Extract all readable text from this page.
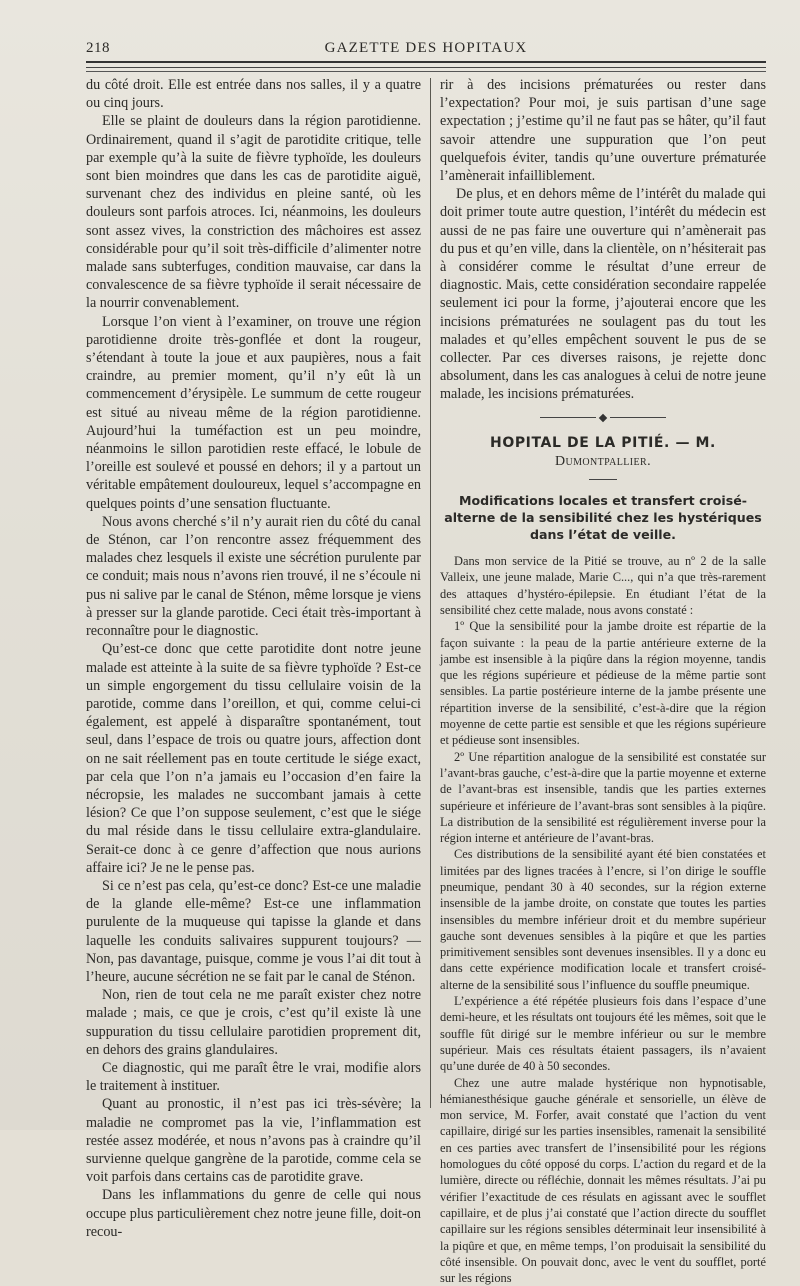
218	GAZETTE DES HOPITAUX

du côté droit. Elle est entrée dans nos salles, il y a quatre ou cinq jours.

Elle se plaint de douleurs dans la région parotidienne. Ordinairement, quand il s’agit de parotidite critique, telle par exemple qu’à la suite de fièvre typhoïde, les douleurs sont bien moindres que dans les cas de parotidite aiguë, survenant chez des individus en pleine santé, où les douleurs sont parfois atroces. Ici, néanmoins, les douleurs sont assez vives, la constriction des mâchoires est assez considérable pour qu’il soit très-difficile d’alimenter notre malade sans subterfuges, condition mauvaise, car dans la convalescence de sa fièvre typhoïde il serait nécessaire de la nourrir convenablement.

Lorsque l’on vient à l’examiner, on trouve une région parotidienne droite très-gonflée et dont la rougeur, s’étendant à toute la joue et aux paupières, nous a fait craindre, au premier moment, qu’il n’y eût là un commencement d’érysipèle. Le summum de cette rougeur est situé au niveau même de la région parotidienne. Aujourd’hui la tuméfaction est un peu moindre, néanmoins le sillon parotidien reste effacé, le lobule de l’oreille est soulevé et poussé en dehors; il y a partout un véritable empâtement douloureux, lequel s’accompagne en quelques points d’une sensation fluctuante.

Nous avons cherché s’il n’y aurait rien du côté du canal de Sténon, car l’on rencontre assez fréquemment des malades chez lesquels il existe une sécrétion purulente par ce conduit; mais nous n’avons rien trouvé, il ne s’écoule ni pus ni salive par le canal de Sténon, même lorsque je viens à presser sur la glande parotide. Ceci était très-important à reconnaître pour le diagnostic.

Qu’est-ce donc que cette parotidite dont notre jeune malade est atteinte à la suite de sa fièvre typhoïde ? Est-ce un simple engorgement du tissu cellulaire voisin de la parotide, comme dans l’oreillon, et qui, comme celui-ci également, est appelé à disparaître spontanément, tout seul, dans l’espace de trois ou quatre jours, affection dont on ne sait réellement pas en toute certitude le siége exact, par cela que l’on n’a jamais eu l’occasion d’en faire la nécropsie, les malades ne succombant jamais à cette lésion? Ce que l’on suppose seulement, c’est que le siége du mal réside dans le tissu cellulaire extra-glandulaire. Serait-ce donc à ce genre d’affection que nous aurions affaire ici? Je ne le pense pas.

Si ce n’est pas cela, qu’est-ce donc? Est-ce une maladie de la glande elle-même? Est-ce une inflammation purulente de la muqueuse qui tapisse la glande et dans laquelle les conduits salivaires suppurent toujours? — Non, pas davantage, puisque, comme je vous l’ai dit tout à l’heure, aucune sécrétion ne se fait par le canal de Sténon.

Non, rien de tout cela ne me paraît exister chez notre malade ; mais, ce que je crois, c’est qu’il existe là une suppuration du tissu cellulaire parotidien proprement dit, en dehors des grains glandulaires.

Ce diagnostic, qui me paraît être le vrai, modifie alors le traitement à instituer.

Quant au pronostic, il n’est pas ici très-sévère; la maladie ne compromet pas la vie, l’inflammation est restée assez modérée, et nous n’avons pas à craindre qu’il survienne quelque gangrène de la parotide, comme cela se voit parfois dans certains cas de parotidite grave.

Dans les inflammations du genre de celle qui nous occupe plus particulièrement chez notre jeune fille, doit-on recou-

rir à des incisions prématurées ou rester dans l’expectation? Pour moi, je suis partisan d’une sage expectation ; j’estime qu’il ne faut pas se hâter, qu’il faut savoir attendre une suppuration que l’on peut quelquefois éviter, tandis qu’une ouverture prématurée l’amènerait infailliblement.

De plus, et en dehors même de l’intérêt du malade qui doit primer toute autre question, l’intérêt du médecin est aussi de ne pas faire une ouverture qui n’amènerait pas du pus et qu’en ville, dans la clientèle, on n’hésiterait pas à considérer comme le résultat d’une erreur de diagnostic. Mais, cette considération secondaire rappelée seulement ici pour la forme, j’ajouterai encore que les incisions prématurées ne soulagent pas du tout les malades et qu’elles empêchent souvent le pus de se collecter. Par ces diverses raisons, je rejette donc absolument, dans les cas analogues à celui de notre jeune malade, les incisions prématurées.

HOPITAL DE LA PITIÉ. — M. Dumontpallier.
Modifications locales et transfert croisé-alterne de la sensibilité chez les hystériques dans l’état de veille.

Dans mon service de la Pitié se trouve, au nº 2 de la salle Valleix, une jeune malade, Marie C..., qui n’a que très-rarement des attaques d’hystéro-épilepsie. En étudiant l’état de la sensibilité chez cette malade, nous avons constaté :

1º Que la sensibilité pour la jambe droite est répartie de la façon suivante : la peau de la partie antérieure externe de la jambe est insensible à la piqûre dans la région moyenne, tandis que les régions supérieure et pédieuse de la même partie sont sensibles. La partie postérieure interne de la jambe présente une répartition inverse de la sensibilité, c’est-à-dire que la région moyenne de cette partie est sensible et que les régions supérieure et pédieuse sont insensibles.

2º Une répartition analogue de la sensibilité est constatée sur l’avant-bras gauche, c’est-à-dire que la partie moyenne et externe de l’avant-bras est insensible, tandis que les parties externes supérieure et inférieure de l’avant-bras sont sensibles à la piqûre. La distribution de la sensibilité est régulièrement inverse pour la région interne et antérieure de l’avant-bras.

Ces distributions de la sensibilité ayant été bien constatées et limitées par des lignes tracées à l’encre, si l’on dirige le souffle pneumique, pendant 30 à 40 secondes, sur la région externe insensible de la jambe droite, on constate que toutes les parties insensibles du membre inférieur droit et du membre supérieur gauche sont devenues sensibles à la piqûre et que les parties primitivement sensibles sont devenues insensibles. Il y a donc eu dans cette expérience modification locale et transfert croisé-alterne de la sensibilité sous l’influence du souffle pneumique.

L’expérience a été répétée plusieurs fois dans l’espace d’une demi-heure, et les résultats ont toujours été les mêmes, soit que le souffle fût dirigé sur le membre inférieur ou sur le membre supérieur. Mais ces résultats étaient passagers, ils n’avaient qu’une durée de 40 à 50 secondes.

Chez une autre malade hystérique non hypnotisable, hémianesthésique gauche générale et sensorielle, un élève de mon service, M. Forfer, avait constaté que l’action du vent capillaire, dirigé sur les parties insensibles, ramenait la sensibilité en ces parties avec transfert de l’insensibilité pour les régions homologues du côté opposé du corps. L’action du regard et de la lumière, directe ou réfléchie, donnait les mêmes résultats. J’ai pu vérifier l’exactitude de ces résulats en agissant avec le soufflet capillaire, et de plus j’ai constaté que l’action directe du soufflet capillaire sur les régions sensibles déterminait leur insensibilité à la piqûre et que, en même temps, l’on produisait la sensibilité du côté insensible. On pouvait donc, avec le vent du soufflet, porté sur les régions
